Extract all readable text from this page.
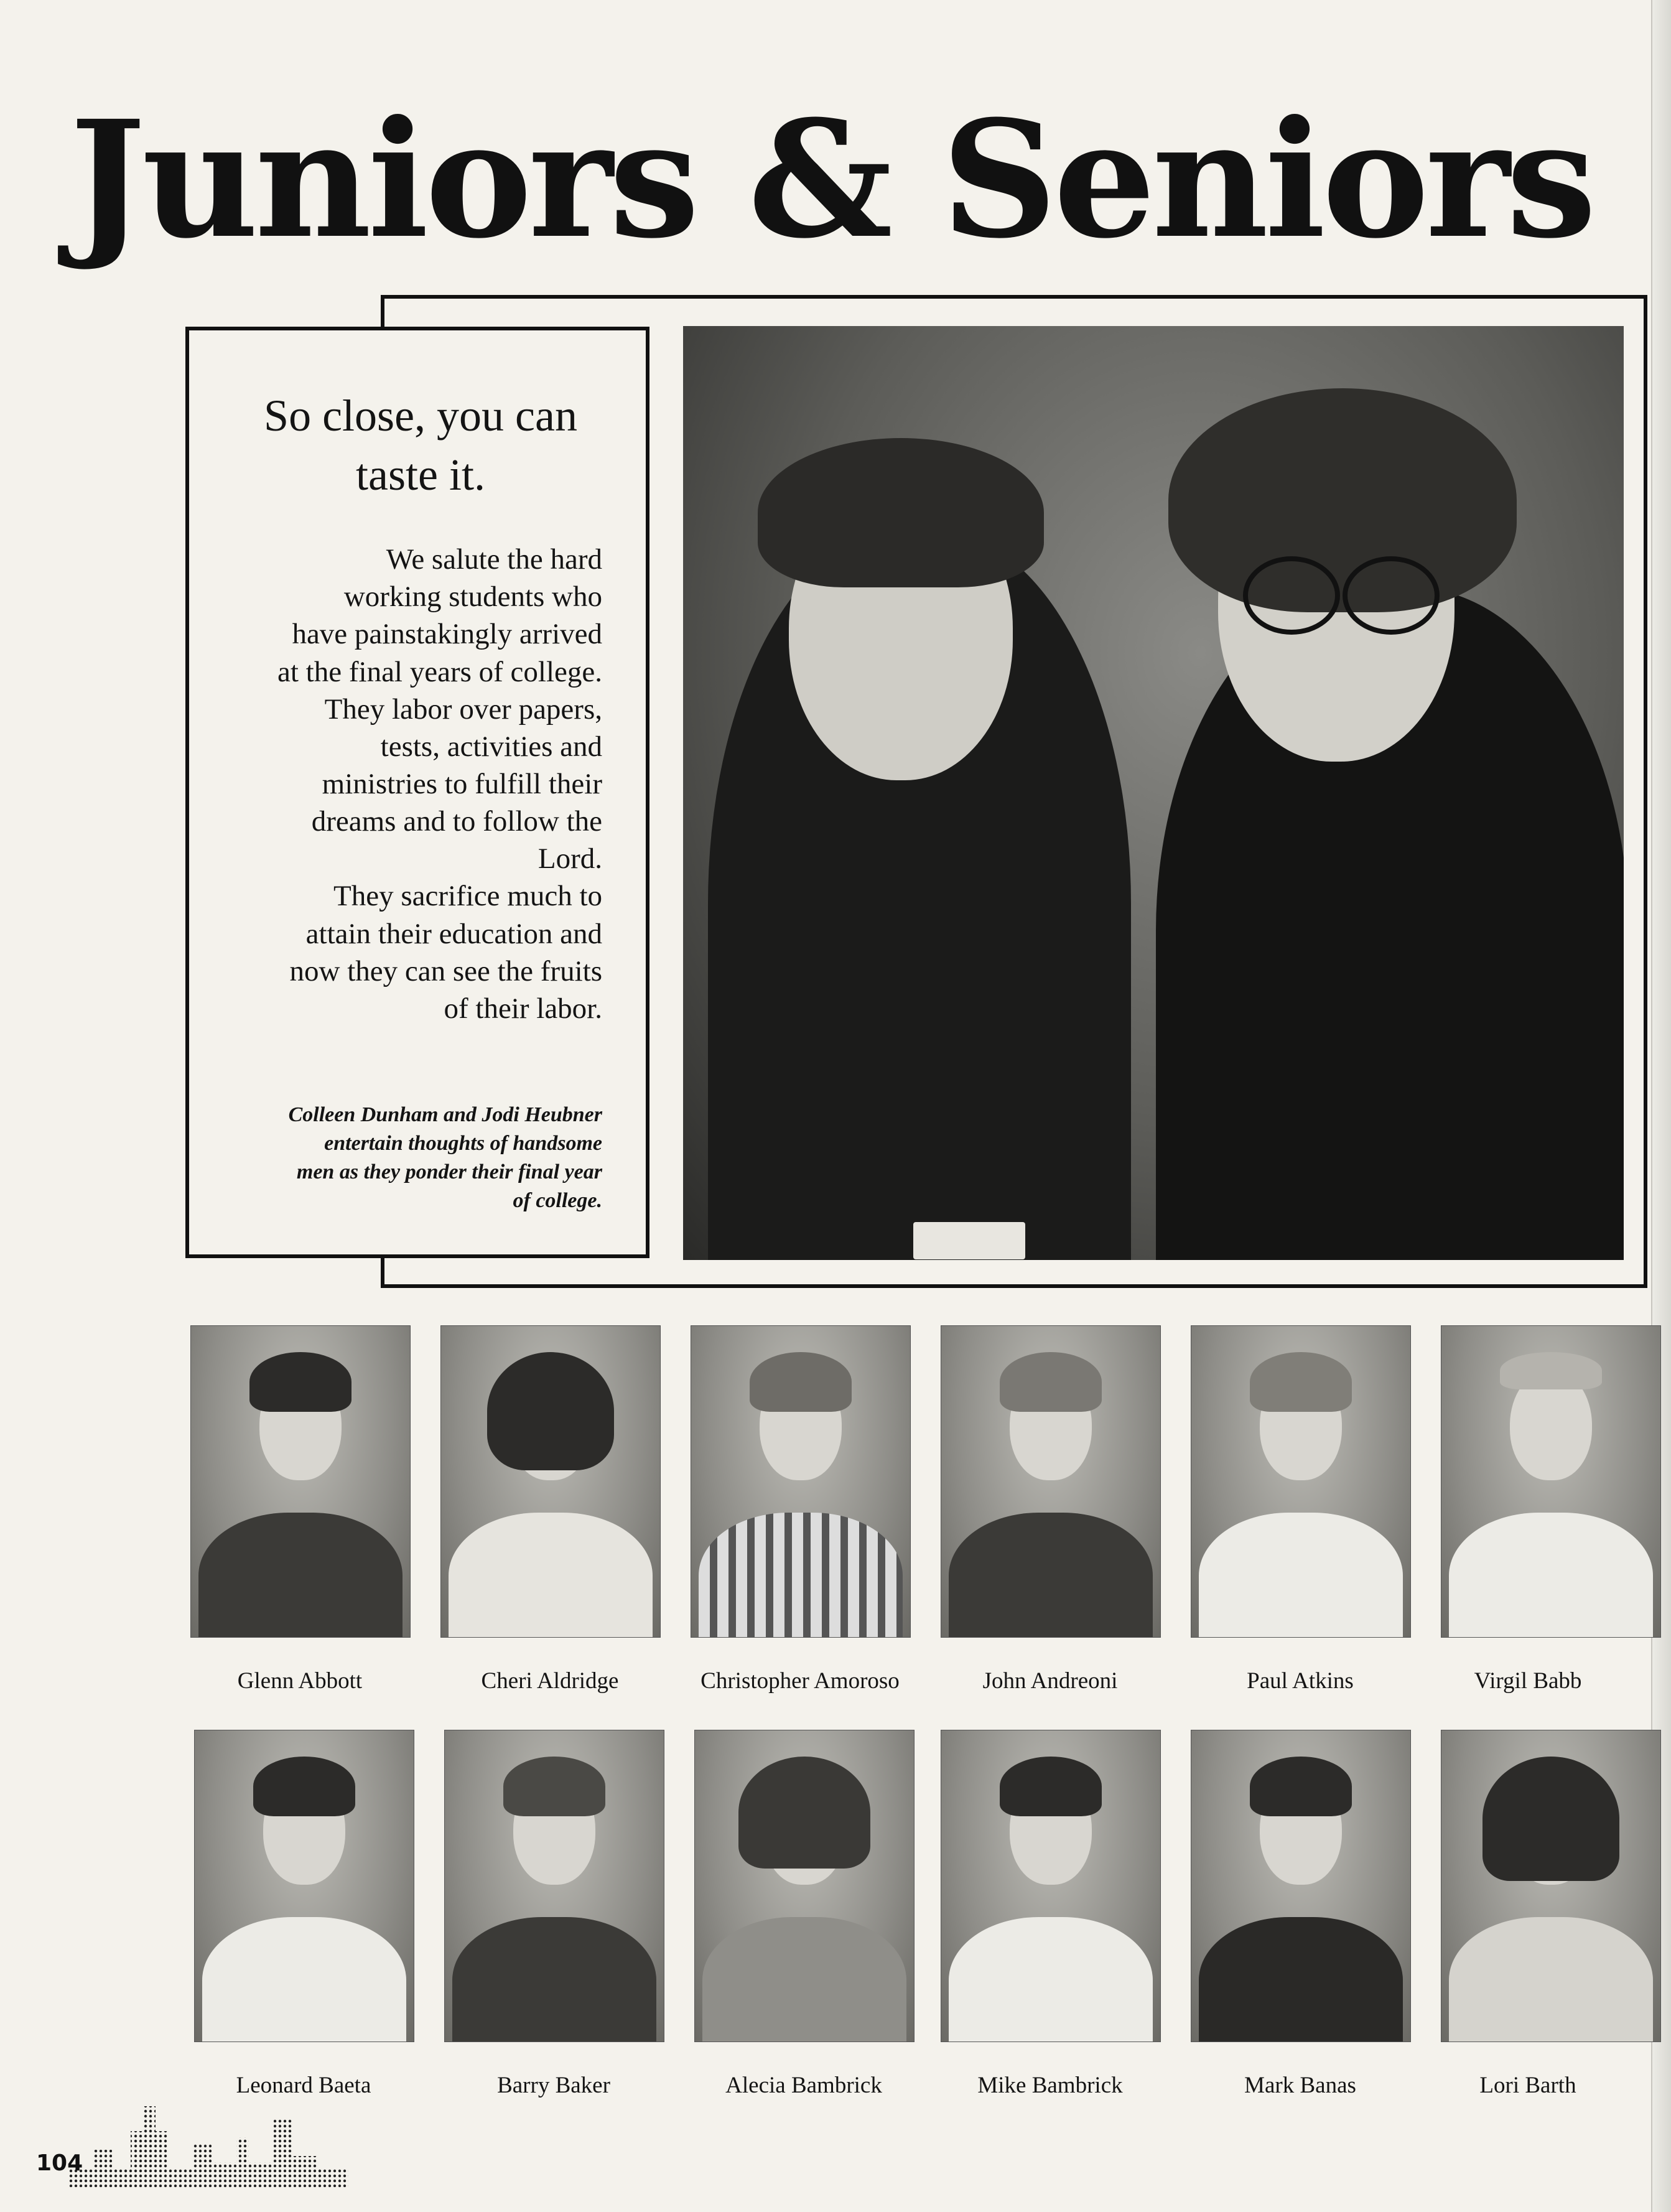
Juniors & Seniors

So close, you can taste it.

We salute the hard
working students who
have painstakingly arrived
at the final years of college.
They labor over papers,
tests, activities and
ministries to fulfill their
dreams and to follow the
Lord.
They sacrifice much to
attain their education and
now they can see the fruits
of their labor.

Colleen Dunham and Jodi Heubner
entertain thoughts of handsome
men as they ponder their final year
of college.

Glenn Abbott	Cheri Aldridge	Christopher Amoroso	John Andreoni	Paul Atkins	Virgil Babb
Leonard Baeta	Barry Baker	Alecia Bambrick	Mike Bambrick	Mark Banas	Lori Barth
104
